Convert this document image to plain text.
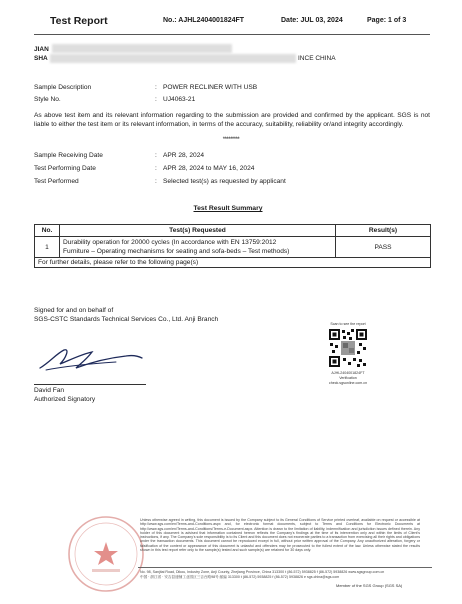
Test Report	No.: AJHL2404001824FT	Date: JUL 03, 2024	Page: 1 of 3
JIAN
SHA	INCE CHINA
Sample Description	: POWER RECLINER WITH USB
Style No.	: UJ4063-21
As above test item and its relevant information regarding to the submission are provided and confirmed by the applicant. SGS is not liable to either the test item or its relevant information, in terms of the accuracy, suitability, reliability or/and integrity accordingly.
*********
Sample Receiving Date	: APR 28, 2024
Test Performing Date	: APR 28, 2024 to MAY 16, 2024
Test Performed	: Selected test(s) as requested by applicant
Test Result Summary
No.	Test(s) Requested	Result(s)
1	Durability operation for 20000 cycles (In accordance with EN 13759:2012
Furniture – Operating mechanisms for seating and sofa-beds – Test methods)	PASS
For further details, please refer to the following page(s)		
Signed for and on behalf of
SGS-CSTC Standards Technical Services Co., Ltd. Anji Branch
David Fan
Authorized Signatory
Scan to see the report
AJHL2404001824FT
Verification
check.sgsonline.com.cn
Unless otherwise agreed in writing, this document is issued by the Company subject to its General Conditions of Service printed overleaf, available on request or accessible at http://www.sgs.com/en/Terms-and-Conditions.aspx and, for electronic format documents, subject to Terms and Conditions for Electronic Documents at http://www.sgs.com/en/Terms-and-Conditions/Terms-e-Document.aspx. Attention is drawn to the limitation of liability, indemnification and jurisdiction issues defined therein. Any holder of this document is advised that information contained hereon reflects the Company's findings at the time of its intervention only and within the limits of Client's instructions, if any. The Company's sole responsibility is to its Client and this document does not exonerate parties to a transaction from exercising all their rights and obligations under the transaction documents. This document cannot be reproduced except in full, without prior written approval of the Company. Any unauthorized alteration, forgery or falsification of the content or appearance of this document is unlawful and offenders may be prosecuted to the fullest extent of the law. Unless otherwise stated the results shown in this test report refer only to the sample(s) tested and such sample(s) are retained for 30 days only.
No. 98, Sanjitai Road, Dikou, Industry Zone, Anji County, Zhejiang Province, China 313300 t (86-572) 5938825 f (86-572) 5938826 www.sgsgroup.com.cn
中国 · 浙江省 · 安吉县递铺工业园区三吉台路98号 邮编 313300 t (86-572) 5938825 f (86-572) 5938826 e sgs.china@sgs.com
Member of the SGS Group (SGS SA)
